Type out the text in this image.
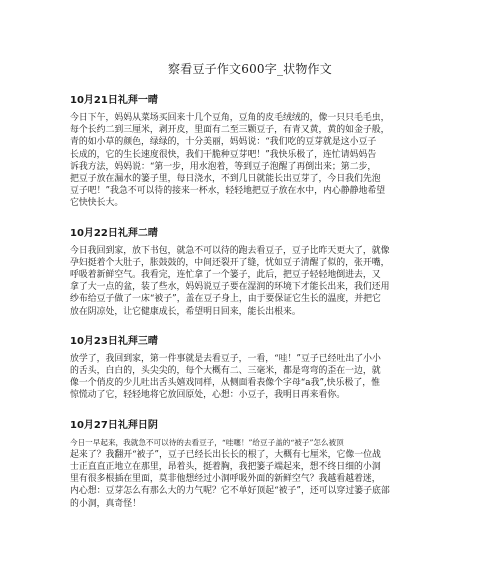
察看豆子作文600字_状物作文
10月21日礼拜一晴
今日下午，妈妈从菜场买回来十几个豆角，豆角的皮毛绒绒的，像一只只毛毛虫，
每个长约二到三厘米，剥开皮，里面有二至三颗豆子，有青又黄，黄的如金子般，
青的如小草的颜色，绿绿的，十分美丽，妈妈说：“我们吃的豆芽就是这小豆子
长成的，它的生长速度很快，我们干脆种豆芽吧！”我快乐极了，连忙请妈妈告
诉我方法，妈妈说：“第一步，用水泡着，等到豆子泡醒了再倒出来；第二步，
把豆子放在漏水的篓子里，每日浇水，不到几日就能长出豆芽了，今日我们先泡
豆子吧！”我急不可以待的接来一杯水，轻轻地把豆子放在水中，内心静静地希望
它快快长大。
10月22日礼拜二晴
今日我回到家，放下书包，就急不可以待的跑去看豆子，豆子比昨天更大了，就像
孕妇挺着个大肚子，胀鼓鼓的，中间还裂开了缝，忧如豆子清醒了似的，张开嘴，
呼吸着新鲜空气。我看完，连忙拿了一个篓子，此后，把豆子轻轻地倒进去，又
拿了大一点的盆，装了些水，妈妈说豆子要在湿润的环境下才能长出来，我们还用
纱布给豆子做了一床“被子”，盖在豆子身上，由于要保证它生长的温度，并把它
放在阴凉处，让它健康成长，希望明日回来，能长出根来。
10月23日礼拜三晴
放学了，我回到家，第一件事就是去看豆子，一看，“哇！”豆子已经吐出了小小
的舌头，白白的，头尖尖的，每个大概有二、三毫米，都是弯弯的歪在一边，就
像一个俏皮的少儿吐出舌头嬉戏同样，从侧面看表像个字母“a我”,快乐极了，惟
惊慌动了它，轻轻地将它放回原处，心想：小豆子，我明日再来看你。
10月27日礼拜日阴
今日一早起来，我就急不可以待的去看豆子，“哇噻！”给豆子盖的“被子”怎么被顶
起来了？我翻开“被子”，豆子已经长出长长的根了，大概有七厘米，它像一位战
士正直直正地立在那里，昂着头，挺着胸，我把篓子端起来，想不终日细的小洞
里有很多根插在里面，莫非他想经过小洞呼吸外面的新鲜空气？我越看越着迷，
内心想：豆芽怎么有那么大的力气呢？它不单好顶起“被子”，还可以穿过篓子底部
的小洞，真奇怪！
